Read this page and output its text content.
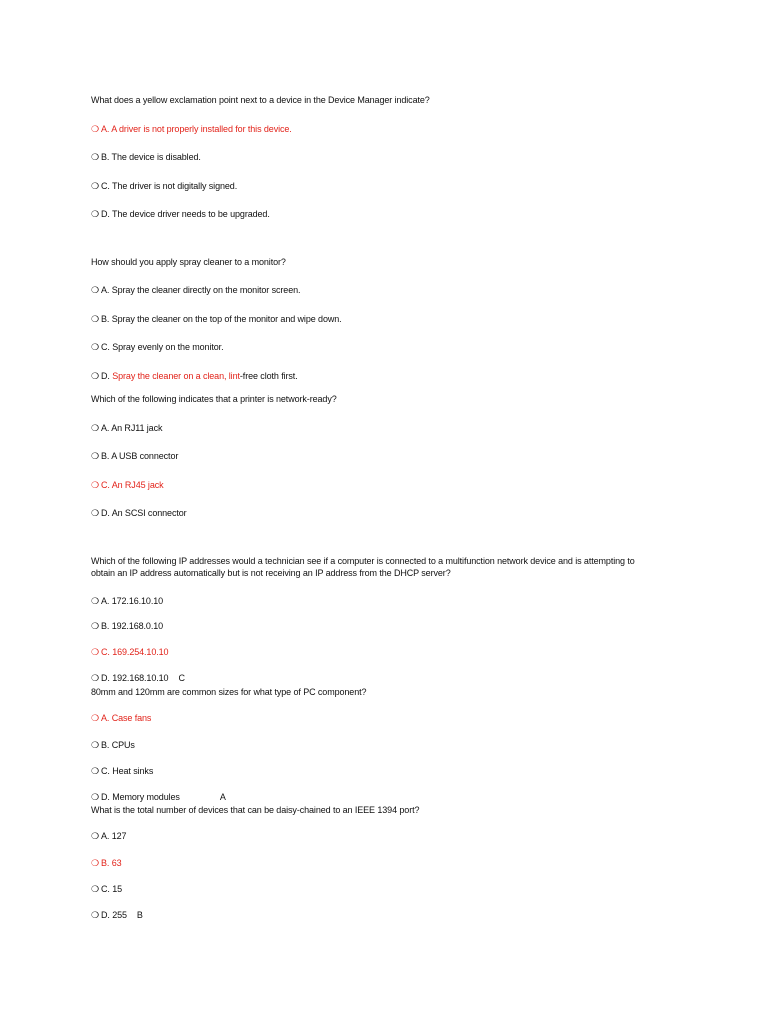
What does a yellow exclamation point next to a device in the Device Manager indicate?
❍ A. A driver is not properly installed for this device.
❍ B. The device is disabled.
❍ C. The driver is not digitally signed.
❍ D. The device driver needs to be upgraded.
How should you apply spray cleaner to a monitor?
❍ A. Spray the cleaner directly on the monitor screen.
❍ B. Spray the cleaner on the top of the monitor and wipe down.
❍ C. Spray evenly on the monitor.
❍ D. Spray the cleaner on a clean, lint-free cloth first.
Which of the following indicates that a printer is network-ready?
❍ A. An RJ11 jack
❍ B. A USB connector
❍ C. An RJ45 jack
❍ D. An SCSI connector
Which of the following IP addresses would a technician see if a computer is connected to a multifunction network device and is attempting to
obtain an IP address automatically but is not receiving an IP address from the DHCP server?
❍ A. 172.16.10.10
❍ B. 192.168.0.10
❍ C. 169.254.10.10
❍ D. 192.168.10.10 C
80mm and 120mm are common sizes for what type of PC component?
❍ A. Case fans
❍ B. CPUs
❍ C. Heat sinks
❍ D. Memory modules	A
What is the total number of devices that can be daisy-chained to an IEEE 1394 port?
❍ A. 127
❍ B. 63
❍ C. 15
❍ D. 255 B
